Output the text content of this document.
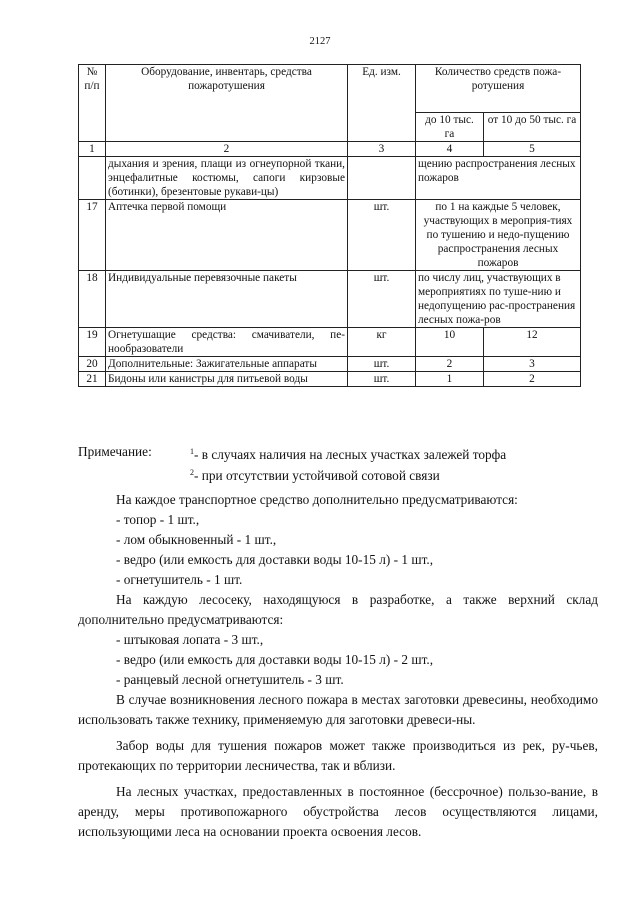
2127
№ п/п	Оборудование, инвентарь, средства пожаротушения	Ед. изм.	Количество средств пожа-ротушения	
			до 10 тыс. га	от 10 до 50 тыс. га
1	2	3	4	5
	дыхания и зрения, плащи из огнеупорной ткани, энцефалитные костюмы, сапоги кирзовые (ботинки), брезентовые рукави-цы)		щению распространения лесных пожаров	
17	Аптечка первой помощи	шт.	по 1 на каждые 5 человек, участвующих в мероприя-тиях по тушению и недо-пущению распространения лесных пожаров	
18	Индивидуальные перевязочные пакеты	шт.	по числу лиц, участвующих в мероприятиях по туше-нию и недопущению рас-пространения лесных пожа-ров	
19	Огнетушащие средства: смачиватели, пе-нообразователи	кг	10	12
20	Дополнительные: Зажигательные аппараты	шт.	2	3
21	Бидоны или канистры для питьевой воды	шт.	1	2
Примечание:	$^1$- в случаях наличия на лесных участках залежей торфа
$^2$- при отсутствии устойчивой сотовой связи

На каждое транспортное средство дополнительно предусматриваются:

- топор - 1 шт.,

- лом обыкновенный - 1 шт.,

- ведро (или емкость для доставки воды 10-15 л) - 1 шт.,

- огнетушитель - 1 шт.

На каждую лесосеку, находящуюся в разработке, а также верхний склад дополнительно предусматриваются:

- штыковая лопата - 3 шт.,

- ведро (или емкость для доставки воды 10-15 л) - 2 шт.,

- ранцевый лесной огнетушитель - 3 шт.

В случае возникновения лесного пожара в местах заготовки древесины, необходимо использовать также технику, применяемую для заготовки древеси-ны.

Забор воды для тушения пожаров может также производиться из рек, ру-чьев, протекающих по территории лесничества, так и вблизи.

На лесных участках, предоставленных в постоянное (бессрочное) пользо-вание, в аренду, меры противопожарного обустройства лесов осуществляются лицами, использующими леса на основании проекта освоения лесов.
